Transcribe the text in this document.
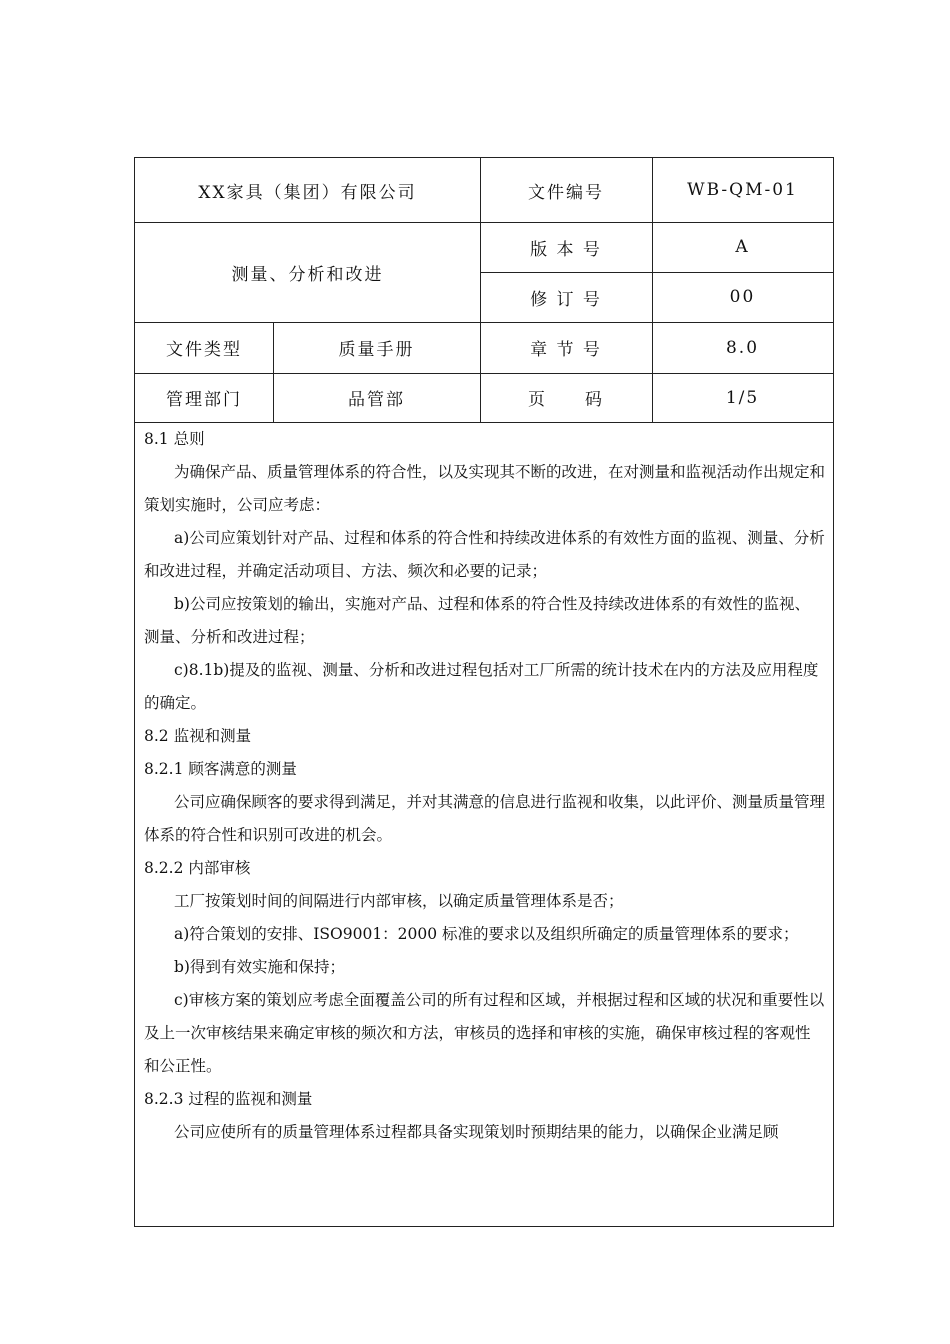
XX家具（集团）有限公司	文件编号	WB-QM-01
测量、分析和改进
版 本 号	A
修 订 号	00
文件类型	质量手册	章 节 号	8.0
管理部门	品管部	页　　码	1/5

8.1 总则

为确保产品、质量管理体系的符合性，以及实现其不断的改进，在对测量和监视活动作出规定和策划实施时，公司应考虑：

a)公司应策划针对产品、过程和体系的符合性和持续改进体系的有效性方面的监视、测量、分析和改进过程，并确定活动项目、方法、频次和必要的记录；

b)公司应按策划的输出，实施对产品、过程和体系的符合性及持续改进体系的有效性的监视、测量、分析和改进过程；

c)8.1b)提及的监视、测量、分析和改进过程包括对工厂所需的统计技术在内的方法及应用程度的确定。

8.2 监视和测量

8.2.1 顾客满意的测量

公司应确保顾客的要求得到满足，并对其满意的信息进行监视和收集，以此评价、测量质量管理体系的符合性和识别可改进的机会。

8.2.2 内部审核

工厂按策划时间的间隔进行内部审核，以确定质量管理体系是否；

a)符合策划的安排、ISO9001：2000 标准的要求以及组织所确定的质量管理体系的要求；

b)得到有效实施和保持；

c)审核方案的策划应考虑全面覆盖公司的所有过程和区域，并根据过程和区域的状况和重要性以及上一次审核结果来确定审核的频次和方法，审核员的选择和审核的实施，确保审核过程的客观性和公正性。

8.2.3 过程的监视和测量

公司应使所有的质量管理体系过程都具备实现策划时预期结果的能力，以确保企业满足顾
